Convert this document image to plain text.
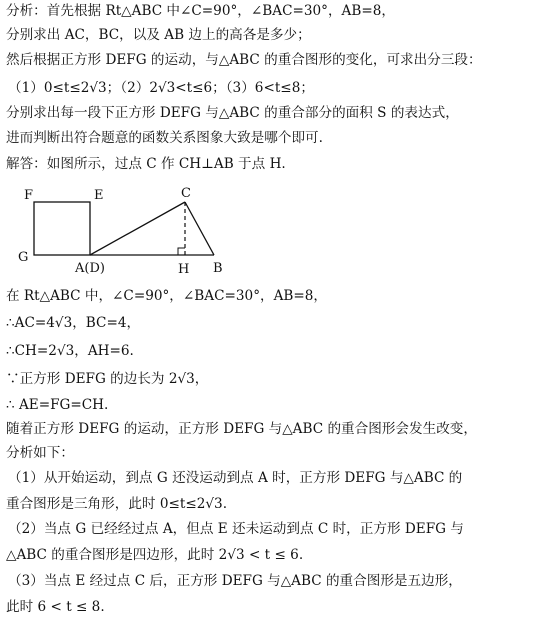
分析：首先根据 Rt△ABC 中∠C=90°，∠BAC=30°，AB=8，
分别求出 AC，BC，以及 AB 边上的高各是多少；
然后根据正方形 DEFG 的运动，与△ABC 的重合图形的变化，可求出分三段：
（1）0≤t≤2√3；（2）2√3<t≤6；（3）6<t≤8；
分别求出每一段下正方形 DEFG 与△ABC 的重合部分的面积 S 的表达式，
进而判断出符合题意的函数关系图象大致是哪个即可.
解答：如图所示，过点 C 作 CH⊥AB 于点 H.
F	E
G
A(D)	H B
C
在 Rt△ABC 中，∠C=90°，∠BAC=30°，AB=8，
∴AC=4√3，BC=4，
∴CH=2√3，AH=6.
∵正方形 DEFG 的边长为 2√3，
∴ AE=FG=CH.
随着正方形 DEFG 的运动，正方形 DEFG 与△ABC 的重合图形会发生改变，
分析如下：
（1）从开始运动，到点 G 还没运动到点 A 时，正方形 DEFG 与△ABC 的
重合图形是三角形，此时 0≤t≤2√3.
（2）当点 G 已经经过点 A，但点 E 还未运动到点 C 时，正方形 DEFG 与
△ABC 的重合图形是四边形，此时 2√3 < t ≤ 6.
（3）当点 E 经过点 C 后，正方形 DEFG 与△ABC 的重合图形是五边形，
此时 6 < t ≤ 8.
